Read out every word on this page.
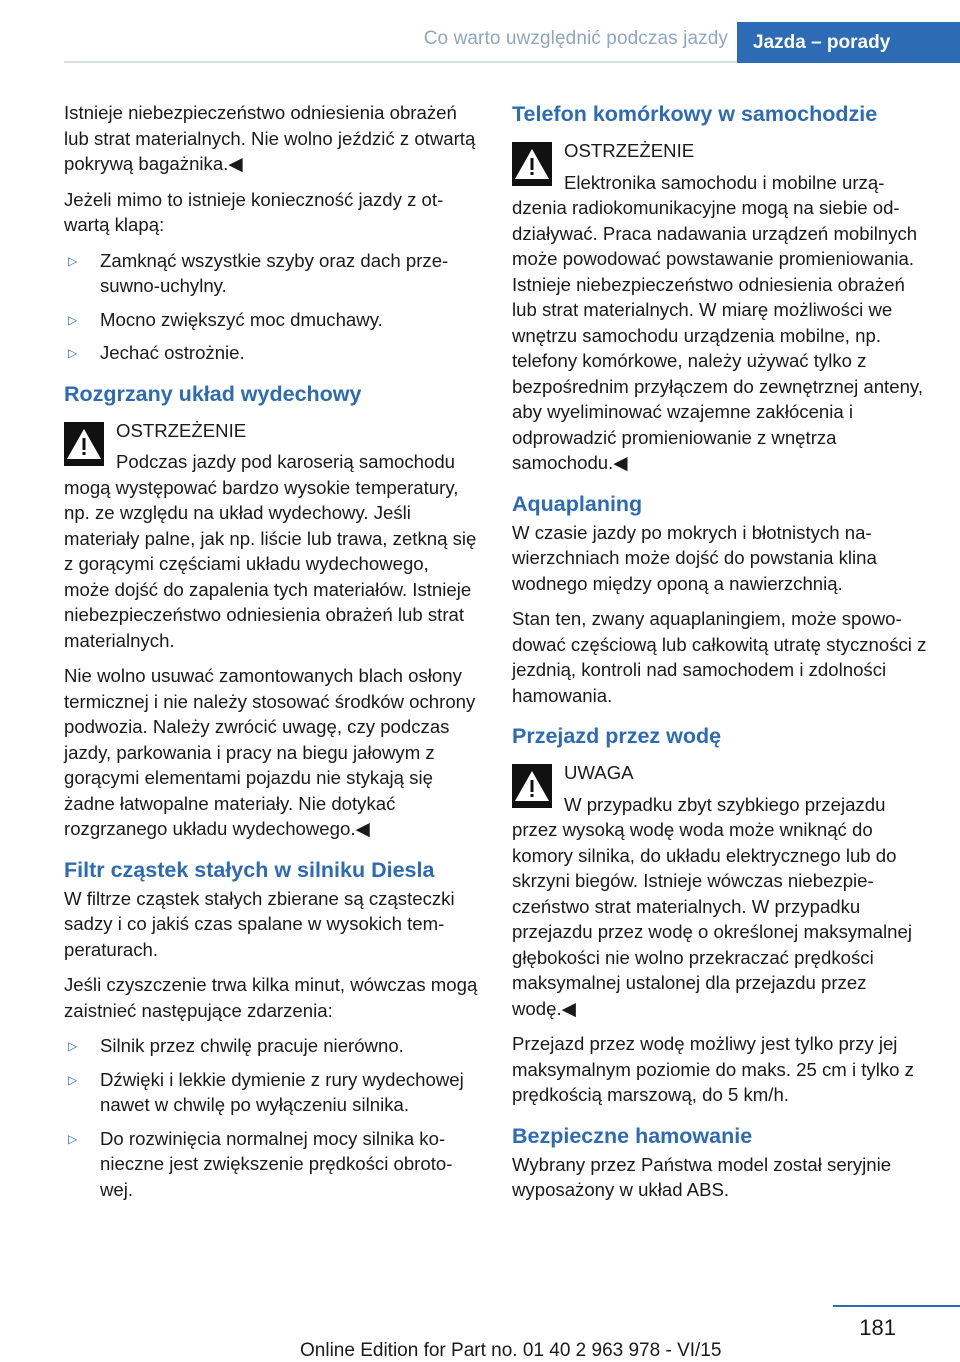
Co warto uwzględnić podczas jazdy	Jazda – porady

Istnieje niebezpieczeństwo odniesienia obrażeń lub strat materialnych. Nie wolno jeździć z otwartą pokrywą bagażnika.◀

Jeżeli mimo to istnieje konieczność jazdy z otwartą klapą:

▷ Zamknąć wszystkie szyby oraz dach przesuwno-uchylny.
▷ Mocno zwiększyć moc dmuchawy.
▷ Jechać ostrożnie.
Rozgrzany układ wydechowy

OSTRZEŻENIE

Podczas jazdy pod karoserią samochodu mogą występować bardzo wysokie temperatury, np. ze względu na układ wydechowy. Jeśli materiały palne, jak np. liście lub trawa, zetkną się z gorącymi częściami układu wydechowego, może dojść do zapalenia tych materiałów. Istnieje niebezpieczeństwo odniesienia obrażeń lub strat materialnych.

Nie wolno usuwać zamontowanych blach osłony termicznej i nie należy stosować środków ochrony podwozia. Należy zwrócić uwagę, czy podczas jazdy, parkowania i pracy na biegu jałowym z gorącymi elementami pojazdu nie stykają się żadne łatwopalne materiały. Nie dotykać rozgrzanego układu wydechowego.◀

Filtr cząstek stałych w silniku Diesla

W filtrze cząstek stałych zbierane są cząsteczki sadzy i co jakiś czas spalane w wysokich temperaturach.

Jeśli czyszczenie trwa kilka minut, wówczas mogą zaistnieć następujące zdarzenia:

▷ Silnik przez chwilę pracuje nierówno.
▷ Dźwięki i lekkie dymienie z rury wydechowej nawet w chwilę po wyłączeniu silnika.
▷ Do rozwinięcia normalnej mocy silnika konieczne jest zwiększenie prędkości obrotowej.
Telefon komórkowy w samochodzie

OSTRZEŻENIE

Elektronika samochodu i mobilne urządzenia radiokomunikacyjne mogą na siebie oddziaływać. Praca nadawania urządzeń mobilnych może powodować powstawanie promieniowania. Istnieje niebezpieczeństwo odniesienia obrażeń lub strat materialnych. W miarę możliwości we wnętrzu samochodu urządzenia mobilne, np. telefony komórkowe, należy używać tylko z bezpośrednim przyłączem do zewnętrznej anteny, aby wyeliminować wzajemne zakłócenia i odprowadzić promieniowanie z wnętrza samochodu.◀

Aquaplaning

W czasie jazdy po mokrych i błotnistych nawierzchniach może dojść do powstania klina wodnego między oponą a nawierzchnią.

Stan ten, zwany aquaplaningiem, może spowodować częściową lub całkowitą utratę styczności z jezdnią, kontroli nad samochodem i zdolności hamowania.

Przejazd przez wodę

UWAGA

W przypadku zbyt szybkiego przejazdu przez wysoką wodę woda może wniknąć do komory silnika, do układu elektrycznego lub do skrzyni biegów. Istnieje wówczas niebezpieczeństwo strat materialnych. W przypadku przejazdu przez wodę o określonej maksymalnej głębokości nie wolno przekraczać prędkości maksymalnej ustalonej dla przejazdu przez wodę.◀

Przejazd przez wodę możliwy jest tylko przy jej maksymalnym poziomie do maks. 25 cm i tylko z prędkością marszową, do 5 km/h.

Bezpieczne hamowanie

Wybrany przez Państwa model został seryjnie wyposażony w układ ABS.

181
Online Edition for Part no. 01 40 2 963 978 - VI/15
